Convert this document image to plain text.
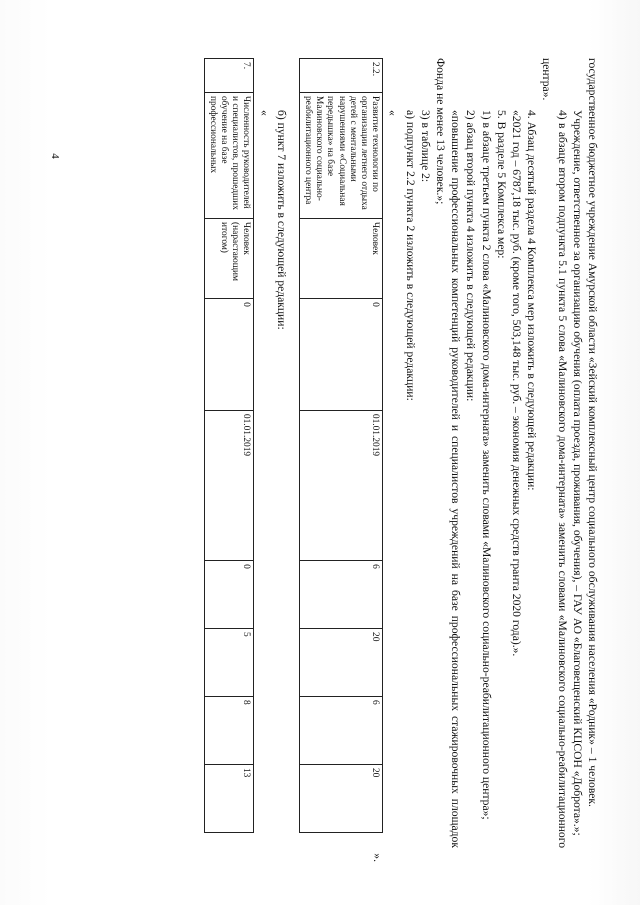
4	государственное бюджетное учреждение Амурской области «Зейский комплексный центр социального обслуживания населения «Родник» – 1 человек.

Учреждение, ответственное за организацию обучения (оплата проезда, проживания, обучения), – ГАУ АО «Благовещенский КЦСОН «Доброта».»;

4) в абзаце втором подпункта 5.1 пункта 5 слова «Малиновского дома-интерната» заменить словами «Малиновского социально-реабилитационного центра».

4. Абзац десятый раздела 4 Комплекса мер изложить в следующей редакции:

«2021 год – 6787,18 тыс. руб. (кроме того, 503,148 тыс. руб. – экономия денежных средств гранта 2020 года).».

5. В разделе 5 Комплекса мер:

1) в абзаце третьем пункта 2 слова «Малиновского дома-интерната» заменить словами «Малиновского социально-реабилитационного центра»;

2) абзац второй пункта 4 изложить в следующей редакции:

«повышение профессиональных компетенций руководителей и специалистов учреждений на базе профессиональных стажировочных площадок Фонда не менее 13 человек.»;

3) в таблице 2:

а) подпункт 2.2 пункта 2 изложить в следующей редакции:

«

2.2.	Развитие технологии по организации летнего отдыха детей с ментальными нарушениями «Социальная передышка» на базе Малиновского социально-реабилитационного центра	Человек	0	01.01.2019	6	20	6	20
».

б) пункт 7 изложить в следующей редакции:

«

7.	Численность руководителей и специалистов, прошедших обучение на базе профессиональных	Человек (нарастающим итогом)	0	01.01.2019	0	5	8	13
